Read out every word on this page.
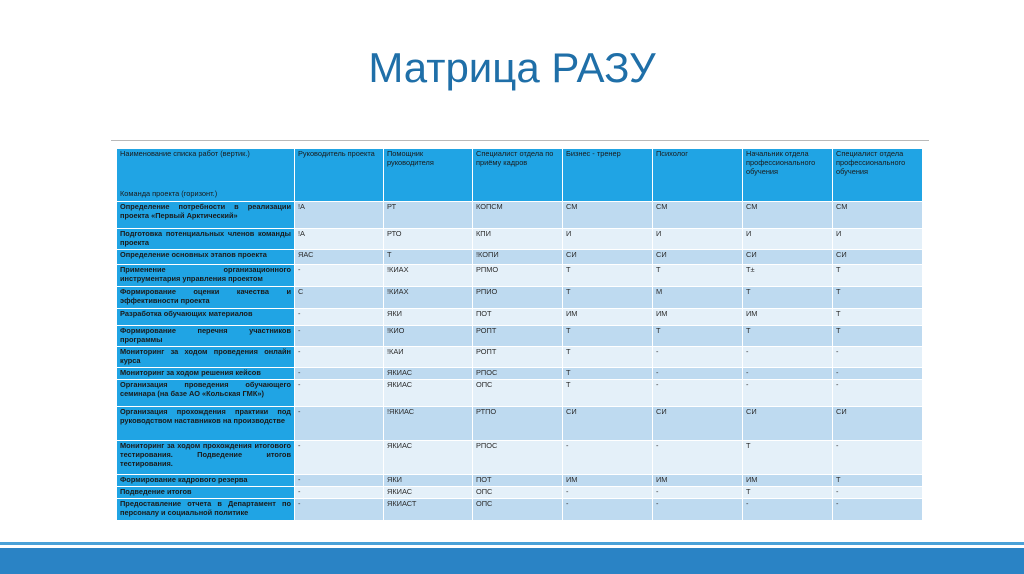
Матрица РАЗУ
Наименование списка работ (вертик.)
Команда проекта (горизонт.)	Руководитель проекта	Помощник руководителя	Специалист отдела по приёму кадров	Бизнес - тренер	Психолог	Начальник отдела профессионального обучения	Специалист отдела профессионального обучения
Определение потребности в реализации проекта «Первый Арктический»	!А	РТ	КОПСМ	СМ	СМ	СМ	СМ
Подготовка потенциальных членов команды проекта	!А	РТО	КПИ	И	И	И	И
Определение основных этапов проекта	ЯАС	Т	!КОПИ	СИ	СИ	СИ	СИ
Применение организационного инструментария управления проектом	-	!КИАХ	РПМО	Т	Т	Т±	Т
Формирование оценки качества и эффективности проекта	С	!КИАХ	РПИО	Т	М	Т	Т
Разработка обучающих материалов	-	ЯКИ	ПОТ	ИМ	ИМ	ИМ	Т
Формирование перечня участников программы	-	!КИО	РОПТ	Т	Т	Т	Т
Мониторинг за ходом проведения онлайн курса	-	!КАИ	РОПТ	Т	-	-	-
Мониторинг за ходом решения кейсов	-	ЯКИАС	РПОС	Т	-	-	-
Организация проведения обучающего семинара (на базе АО «Кольская ГМК»)	-	ЯКИАС	ОПС	Т	-	-	-
Организация прохождения практики под руководством наставников на производстве	-	!ЯКИАС	РТПО	СИ	СИ	СИ	СИ
Мониторинг за ходом прохождения итогового тестирования. Подведение итогов тестирования.	-	ЯКИАС	РПОС	-	-	Т	-
Формирование кадрового резерва	-	ЯКИ	ПОТ	ИМ	ИМ	ИМ	Т
Подведение итогов	-	ЯКИАС	ОПС	-	-	Т	-
Предоставление отчета в Департамент по персоналу и социальной политике	-	ЯКИАСТ	ОПС	-	-	-	-
